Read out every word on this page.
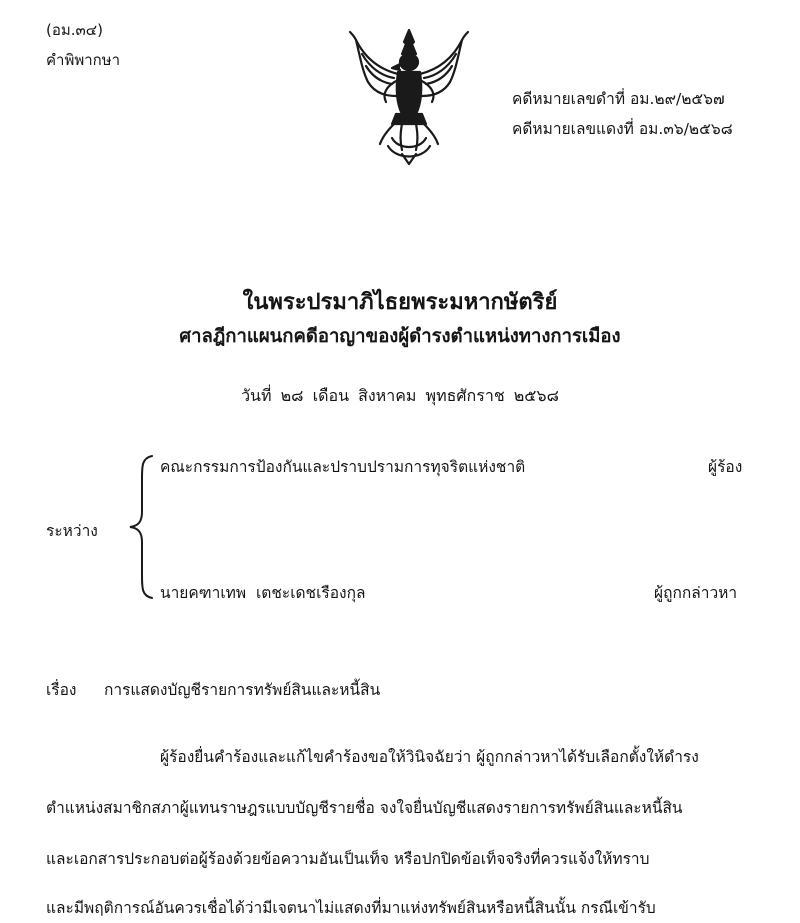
(อม.๓๔)
คำพิพากษา
คดีหมายเลขดำที่ อม.๒๙/๒๕๖๗
คดีหมายเลขแดงที่ อม.๓๖/๒๕๖๘
ในพระปรมาภิไธยพระมหากษัตริย์
ศาลฎีกาแผนกคดีอาญาของผู้ดำรงตำแหน่งทางการเมือง
วันที่ ๒๘ เดือน สิงหาคม พุทธศักราช ๒๕๖๘
คณะกรรมการป้องกันและปราบปรามการทุจริตแห่งชาติ	ผู้ร้อง
ระหว่าง
นายคฑาเทพ เตชะเดชเรืองกุล	ผู้ถูกกล่าวหา
เรื่อง การแสดงบัญชีรายการทรัพย์สินและหนี้สิน
ผู้ร้องยื่นคำร้องและแก้ไขคำร้องขอให้วินิจฉัยว่า ผู้ถูกกล่าวหาได้รับเลือกตั้งให้ดำรง
ตำแหน่งสมาชิกสภาผู้แทนราษฎรแบบบัญชีรายชื่อ จงใจยื่นบัญชีแสดงรายการทรัพย์สินและหนี้สิน
และเอกสารประกอบต่อผู้ร้องด้วยข้อความอันเป็นเท็จ หรือปกปิดข้อเท็จจริงที่ควรแจ้งให้ทราบ
และมีพฤติการณ์อันควรเชื่อได้ว่ามีเจตนาไม่แสดงที่มาแห่งทรัพย์สินหรือหนี้สินนั้น กรณีเข้ารับ
